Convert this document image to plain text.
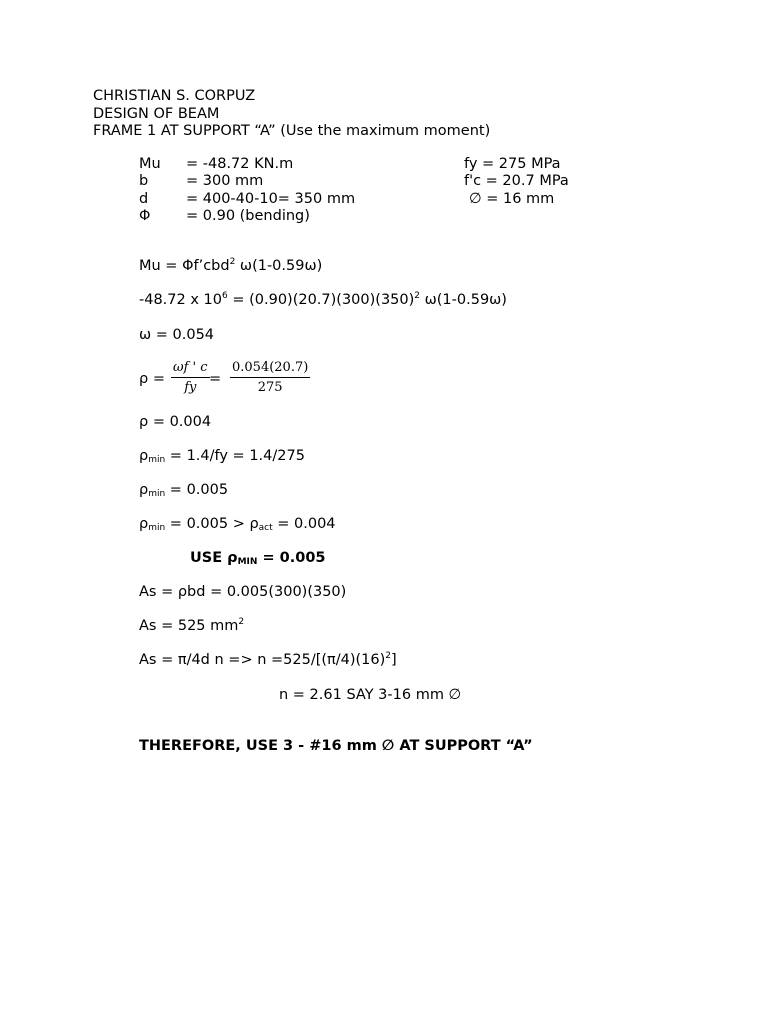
CHRISTIAN S. CORPUZ
DESIGN OF BEAM
FRAME 1 AT SUPPORT “A” (Use the maximum moment)
Mu = -48.72 KN.m
b	= 300 mm
d	= 400-40-10= 350 mm
Φ = 0.90 (bending)
fy = 275 MPa
f'c = 20.7 MPa
∅ = 16 mm
Mu = Φf’cbd$^2$ ω(1-0.59ω)
-48.72 x $10^6 = (0.90)(20.7)(300)(350)^2$ ω(1-0.59ω)
ω = 0.054
$\rho = \frac{\omega f ' c}{fy} = \frac{0.054(20.7)}{275}$
ρ = 0.004
$\rho_{min} = 1.4/fy = 1.4/275$
$\rho_{min} = 0.005$
$\rho_{min} = 0.005 > \rho_{act} = 0.004$
USE $\rho_{MIN} = 0.005$
As = ρbd = 0.005(300)(350)
As = 525 $mm^2$
As = π/4d $n => n =525/[(\pi/4)(16)^2]$
n = 2.61 SAY 3-16 mm ∅
THEREFORE, USE 3 - #16 mm ∅ AT SUPPORT “A”
